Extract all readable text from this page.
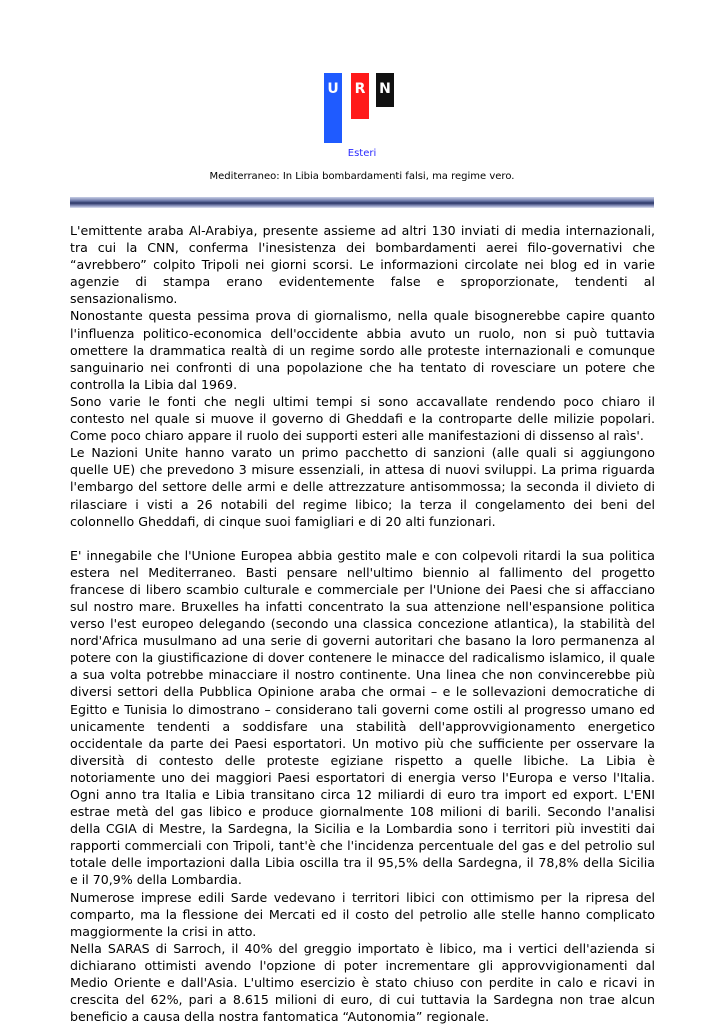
U R N
Esteri
Mediterraneo: In Libia bombardamenti falsi, ma regime vero.

L'emittente araba Al-Arabiya, presente assieme ad altri 130 inviati di media internazionali, tra cui la CNN, conferma l'inesistenza dei bombardamenti aerei filo-governativi che “avrebbero” colpito Tripoli nei giorni scorsi. Le informazioni circolate nei blog ed in varie agenzie di stampa erano evidentemente false e sproporzionate, tendenti al sensazionalismo.

Nonostante questa pessima prova di giornalismo, nella quale bisognerebbe capire quanto l'influenza politico-economica dell'occidente abbia avuto un ruolo, non si può tuttavia omettere la drammatica realtà di un regime sordo alle proteste internazionali e comunque sanguinario nei confronti di una popolazione che ha tentato di rovesciare un potere che controlla la Libia dal 1969.

Sono varie le fonti che negli ultimi tempi si sono accavallate rendendo poco chiaro il contesto nel quale si muove il governo di Gheddafi e la controparte delle milizie popolari. Come poco chiaro appare il ruolo dei supporti esteri alle manifestazioni di dissenso al raìs'.

Le Nazioni Unite hanno varato un primo pacchetto di sanzioni (alle quali si aggiungono quelle UE) che prevedono 3 misure essenziali, in attesa di nuovi sviluppi. La prima riguarda l'embargo del settore delle armi e delle attrezzature antisommossa; la seconda il divieto di rilasciare i visti a 26 notabili del regime libico; la terza il congelamento dei beni del colonnello Gheddafi, di cinque suoi famigliari e di 20 alti funzionari.

E' innegabile che l'Unione Europea abbia gestito male e con colpevoli ritardi la sua politica estera nel Mediterraneo. Basti pensare nell'ultimo biennio al fallimento del progetto francese di libero scambio culturale e commerciale per l'Unione dei Paesi che si affacciano sul nostro mare. Bruxelles ha infatti concentrato la sua attenzione nell'espansione politica verso l'est europeo delegando (secondo una classica concezione atlantica), la stabilità del nord'Africa musulmano ad una serie di governi autoritari che basano la loro permanenza al potere con la giustificazione di dover contenere le minacce del radicalismo islamico, il quale a sua volta potrebbe minacciare il nostro continente. Una linea che non convincerebbe più diversi settori della Pubblica Opinione araba che ormai – e le sollevazioni democratiche di Egitto e Tunisia lo dimostrano – considerano tali governi come ostili al progresso umano ed unicamente tendenti a soddisfare una stabilità dell'approvvigionamento energetico occidentale da parte dei Paesi esportatori. Un motivo più che sufficiente per osservare la diversità di contesto delle proteste egiziane rispetto a quelle libiche. La Libia è notoriamente uno dei maggiori Paesi esportatori di energia verso l'Europa e verso l'Italia. Ogni anno tra Italia e Libia transitano circa 12 miliardi di euro tra import ed export. L'ENI estrae metà del gas libico e produce giornalmente 108 milioni di barili. Secondo l'analisi della CGIA di Mestre, la Sardegna, la Sicilia e la Lombardia sono i territori più investiti dai rapporti commerciali con Tripoli, tant'è che l'incidenza percentuale del gas e del petrolio sul totale delle importazioni dalla Libia oscilla tra il 95,5% della Sardegna, il 78,8% della Sicilia e il 70,9% della Lombardia.

Numerose imprese edili Sarde vedevano i territori libici con ottimismo per la ripresa del comparto, ma la flessione dei Mercati ed il costo del petrolio alle stelle hanno complicato maggiormente la crisi in atto.

Nella SARAS di Sarroch, il 40% del greggio importato è libico, ma i vertici dell'azienda si dichiarano ottimisti avendo l'opzione di poter incrementare gli approvvigionamenti dal Medio Oriente e dall'Asia. L'ultimo esercizio è stato chiuso con perdite in calo e ricavi in crescita del 62%, pari a 8.615 milioni di euro, di cui tuttavia la Sardegna non trae alcun beneficio a causa della nostra fantomatica “Autonomia” regionale.
